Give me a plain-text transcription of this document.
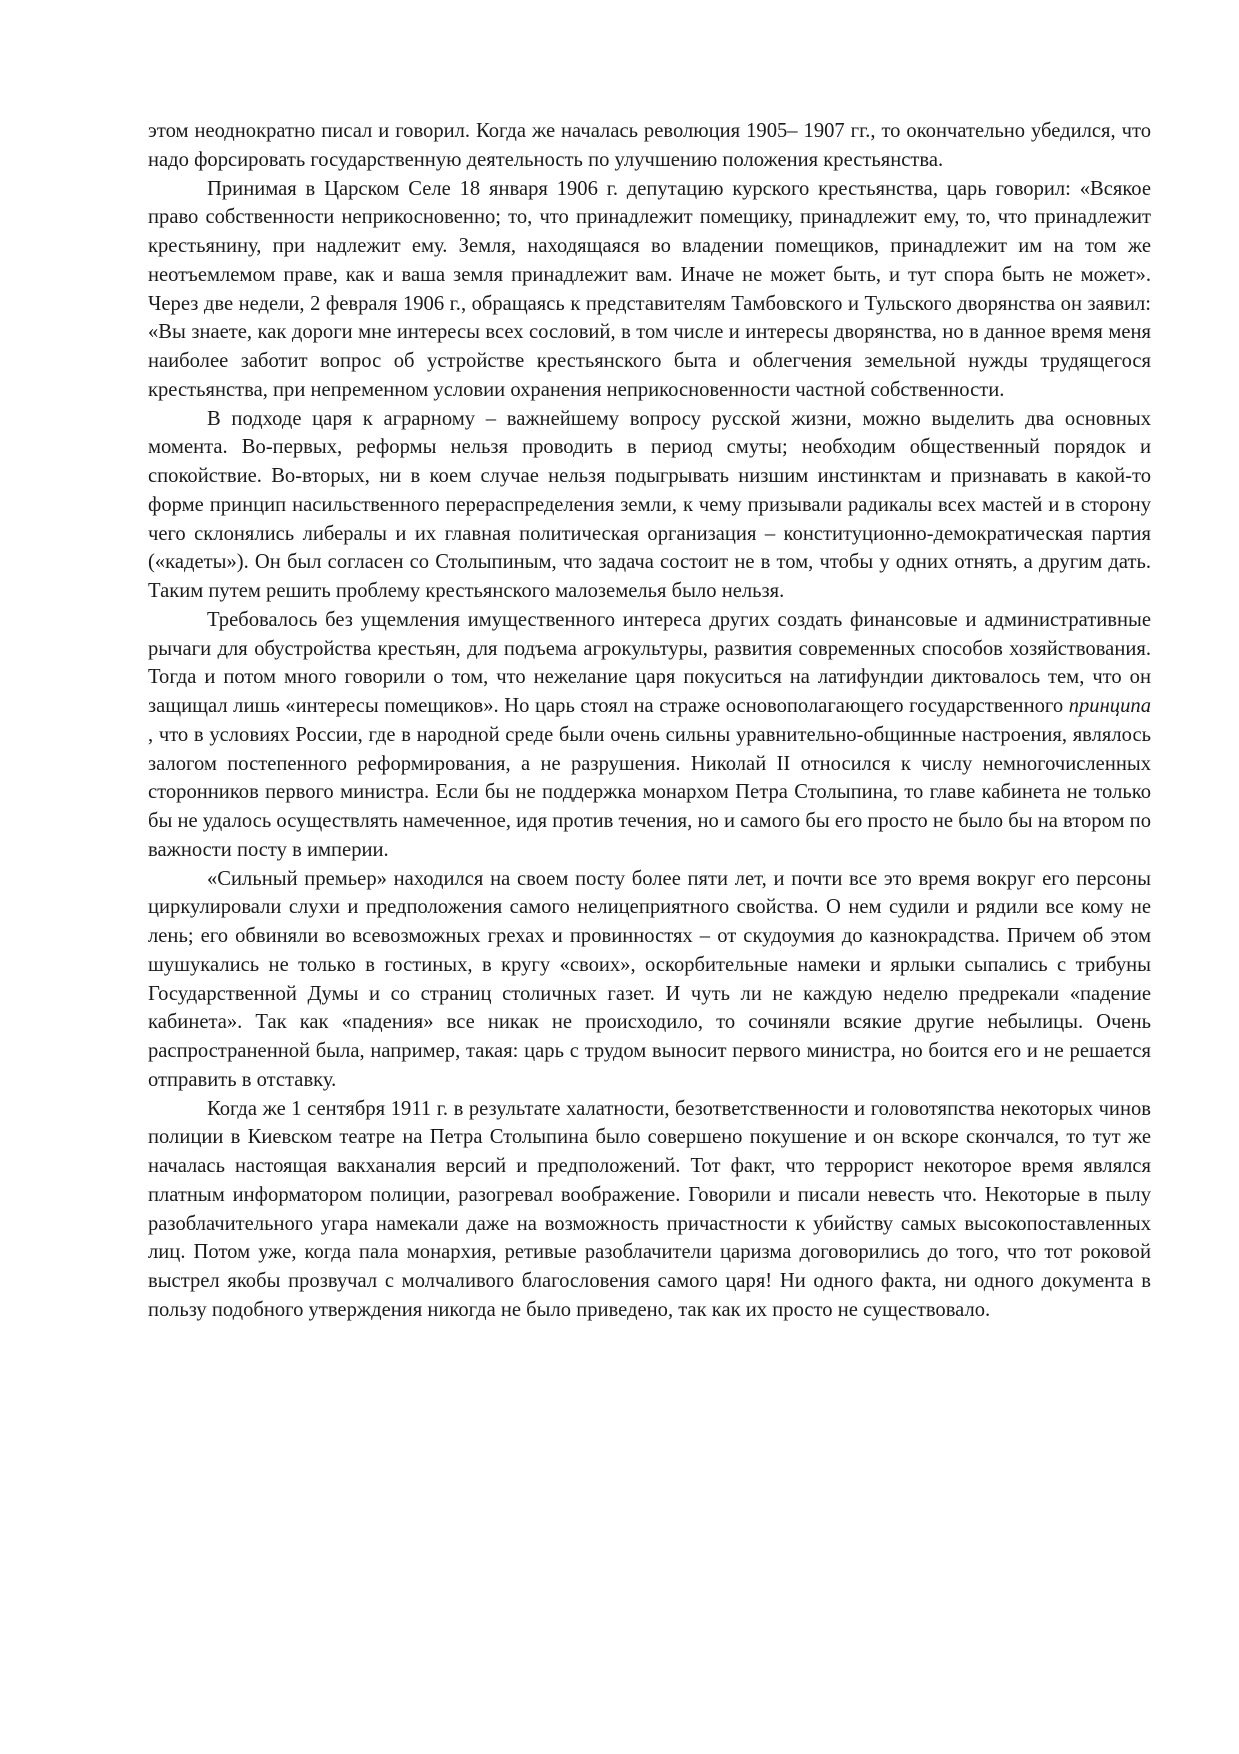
этом неоднократно писал и говорил. Когда же началась революция 1905– 1907 гг., то окончательно убедился, что надо форсировать государственную деятельность по улучшению положения крестьянства.

Принимая в Царском Селе 18 января 1906 г. депутацию курского крестьянства, царь говорил: «Всякое право собственности неприкосновенно; то, что принадлежит помещику, принадлежит ему, то, что принадлежит крестьянину, при надлежит ему. Земля, находящаяся во владении помещиков, принадлежит им на том же неотъемлемом праве, как и ваша земля принадлежит вам. Иначе не может быть, и тут спора быть не может». Через две недели, 2 февраля 1906 г., обращаясь к представителям Тамбовского и Тульского дворянства он заявил: «Вы знаете, как дороги мне интересы всех сословий, в том числе и интересы дворянства, но в данное время меня наиболее заботит вопрос об устройстве крестьянского быта и облегчения земельной нужды трудящегося крестьянства, при непременном условии охранения неприкосновенности частной собственности.

В подходе царя к аграрному – важнейшему вопросу русской жизни, можно выделить два основных момента. Во-первых, реформы нельзя проводить в период смуты; необходим общественный порядок и спокойствие. Во-вторых, ни в коем случае нельзя подыгрывать низшим инстинктам и признавать в какой-то форме принцип насильственного перераспределения земли, к чему призывали радикалы всех мастей и в сторону чего склонялись либералы и их главная политическая организация – конституционно-демократическая партия («кадеты»). Он был согласен со Столыпиным, что задача состоит не в том, чтобы у одних отнять, а другим дать. Таким путем решить проблему крестьянского малоземелья было нельзя.

Требовалось без ущемления имущественного интереса других создать финансовые и административные рычаги для обустройства крестьян, для подъема агрокультуры, развития современных способов хозяйствования. Тогда и потом много говорили о том, что нежелание царя покуситься на латифундии диктовалось тем, что он защищал лишь «интересы помещиков». Но царь стоял на страже основополагающего государственного принципа , что в условиях России, где в народной среде были очень сильны уравнительно-общинные настроения, являлось залогом постепенного реформирования, а не разрушения. Николай II относился к числу немногочисленных сторонников первого министра. Если бы не поддержка монархом Петра Столыпина, то главе кабинета не только бы не удалось осуществлять намеченное, идя против течения, но и самого бы его просто не было бы на втором по важности посту в империи.

«Сильный премьер» находился на своем посту более пяти лет, и почти все это время вокруг его персоны циркулировали слухи и предположения самого нелицеприятного свойства. О нем судили и рядили все кому не лень; его обвиняли во всевозможных грехах и провинностях – от скудоумия до казнокрадства. Причем об этом шушукались не только в гостиных, в кругу «своих», оскорбительные намеки и ярлыки сыпались с трибуны Государственной Думы и со страниц столичных газет. И чуть ли не каждую неделю предрекали «падение кабинета». Так как «падения» все никак не происходило, то сочиняли всякие другие небылицы. Очень распространенной была, например, такая: царь с трудом выносит первого министра, но боится его и не решается отправить в отставку.

Когда же 1 сентября 1911 г. в результате халатности, безответственности и головотяпства некоторых чинов полиции в Киевском театре на Петра Столыпина было совершено покушение и он вскоре скончался, то тут же началась настоящая вакханалия версий и предположений. Тот факт, что террорист некоторое время являлся платным информатором полиции, разогревал воображение. Говорили и писали невесть что. Некоторые в пылу разоблачительного угара намекали даже на возможность причастности к убийству самых высокопоставленных лиц. Потом уже, когда пала монархия, ретивые разоблачители царизма договорились до того, что тот роковой выстрел якобы прозвучал с молчаливого благословения самого царя! Ни одного факта, ни одного документа в пользу подобного утверждения никогда не было приведено, так как их просто не существовало.
